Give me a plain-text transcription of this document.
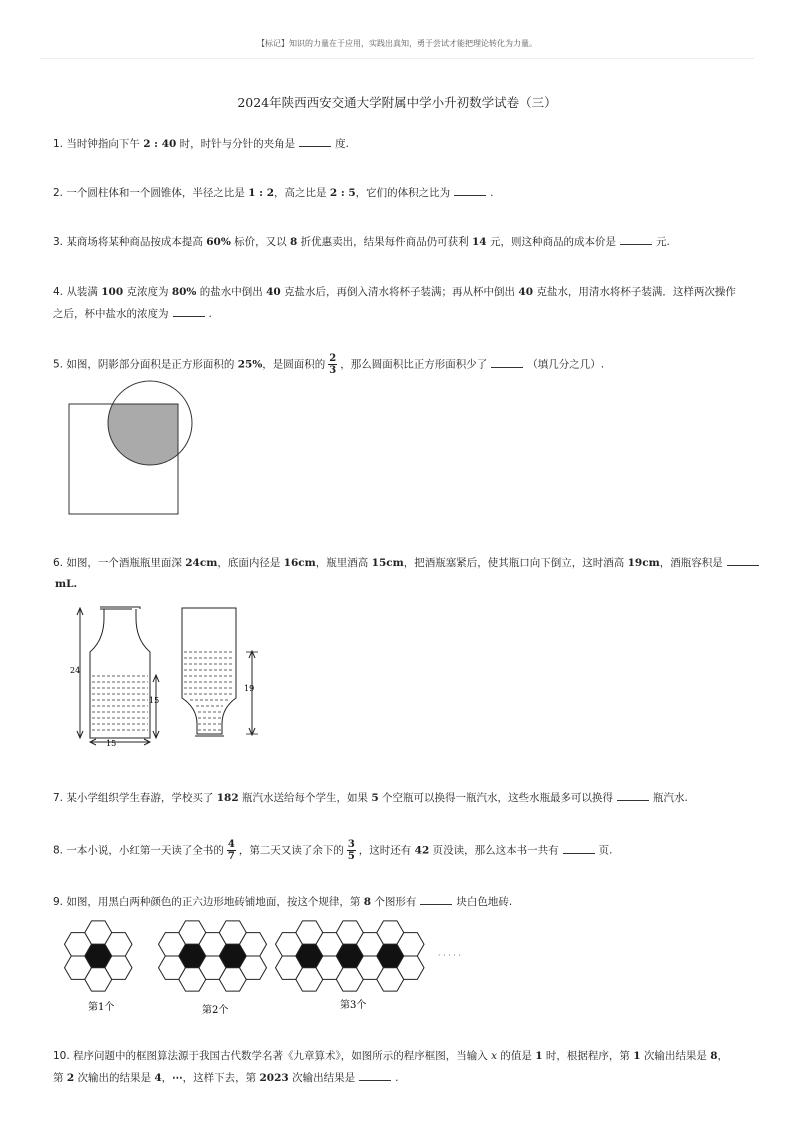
【标记】知识的力量在于应用，实践出真知，勇于尝试才能把理论转化为力量。
2024年陕西西安交通大学附属中学小升初数学试卷（三）
1. 当时钟指向下午 2 : 40 时，时针与分针的夹角是	度.
2. 一个圆柱体和一个圆锥体，半径之比是 1 : 2，高之比是 2 : 5，它们的体积之比为	.
3. 某商场将某种商品按成本提高 60% 标价，又以 8 折优惠卖出，结果每件商品仍可获利 14 元，则这种商品的成本价是	元.
4. 从装满 100 克浓度为 80% 的盐水中倒出 40 克盐水后，再倒入清水将杯子装满；再从杯中倒出 40 克盐水，用清水将杯子装满．这样两次操作之后，杯中盐水的浓度为	.
5. 如图，阴影部分面积是正方形面积的 25%，是圆面积的 $\frac{2}{3}$ ，那么圆面积比正方形面积少了	（填几分之几）.
6. 如图，一个酒瓶瓶里面深 24cm，底面内径是 16cm，瓶里酒高 15cm，把酒瓶塞紧后，使其瓶口向下倒立，这时酒高 19cm，酒瓶容积是
mL.
24
15
15
19
7. 某小学组织学生春游，学校买了 182 瓶汽水送给每个学生，如果 5 个空瓶可以换得一瓶汽水，这些水瓶最多可以换得	瓶汽水.
8. 一本小说，小红第一天读了全书的 $\frac{4}{7}$ ，第二天又读了余下的 $\frac{3}{5}$ ，这时还有 42 页没读，那么这本书一共有	页.
9. 如图，用黑白两种颜色的正六边形地砖铺地面，按这个规律，第 8 个图形有	块白色地砖.
第1个	第2个	第3个
· · · · ·
10. 程序问题中的框图算法源于我国古代数学名著《九章算术》，如图所示的程序框图，当输入 x 的值是 1 时，根据程序，第 1 次输出结果是 8，
第 2 次输出的结果是 4，⋯，这样下去，第 2023 次输出结果是	.
